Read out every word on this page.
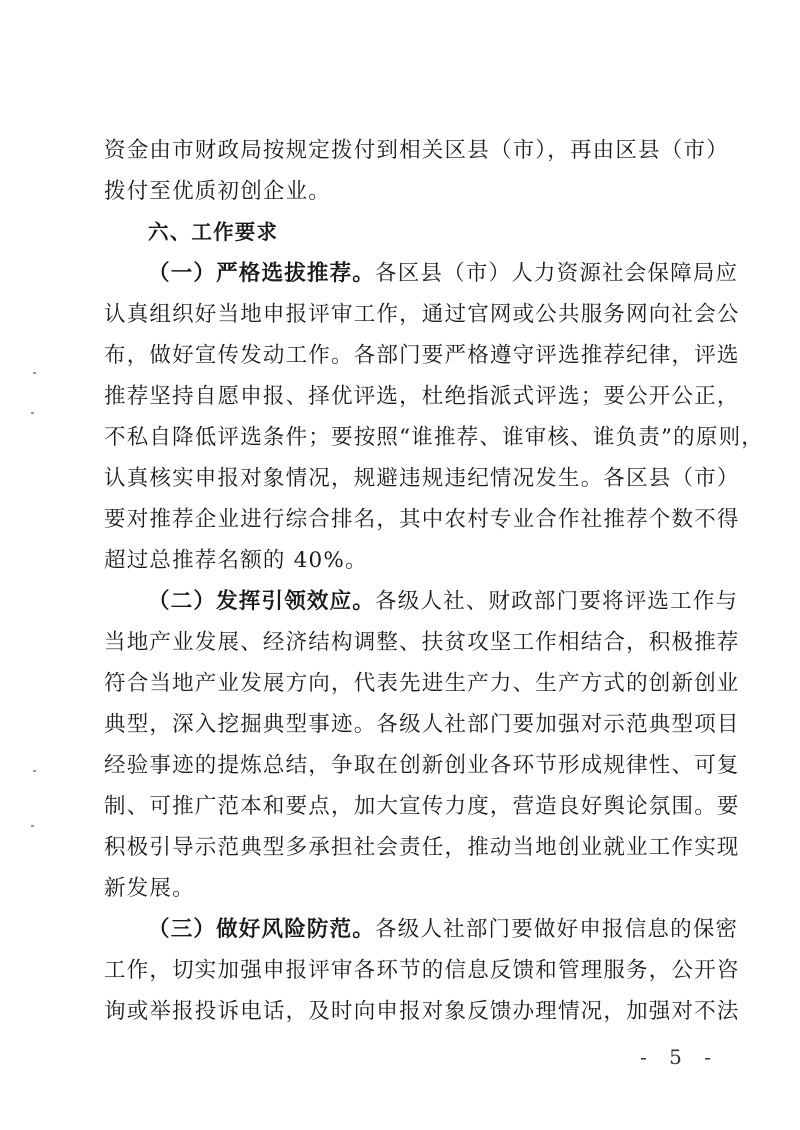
资金由市财政局按规定拨付到相关区县（市），再由区县（市）
拨付至优质初创企业。
六、工作要求
（一）严格选拔推荐。各区县（市）人力资源社会保障局应
认真组织好当地申报评审工作，通过官网或公共服务网向社会公
布，做好宣传发动工作。各部门要严格遵守评选推荐纪律，评选
推荐坚持自愿申报、择优评选，杜绝指派式评选；要公开公正，
不私自降低评选条件；要按照“谁推荐、谁审核、谁负责”的原则，
认真核实申报对象情况，规避违规违纪情况发生。各区县（市）
要对推荐企业进行综合排名，其中农村专业合作社推荐个数不得
超过总推荐名额的 40%。
（二）发挥引领效应。各级人社、财政部门要将评选工作与
当地产业发展、经济结构调整、扶贫攻坚工作相结合，积极推荐
符合当地产业发展方向，代表先进生产力、生产方式的创新创业
典型，深入挖掘典型事迹。各级人社部门要加强对示范典型项目
经验事迹的提炼总结，争取在创新创业各环节形成规律性、可复
制、可推广范本和要点，加大宣传力度，营造良好舆论氛围。要
积极引导示范典型多承担社会责任，推动当地创业就业工作实现
新发展。
（三）做好风险防范。各级人社部门要做好申报信息的保密
工作，切实加强申报评审各环节的信息反馈和管理服务，公开咨
询或举报投诉电话，及时向申报对象反馈办理情况，加强对不法
- 5 -
